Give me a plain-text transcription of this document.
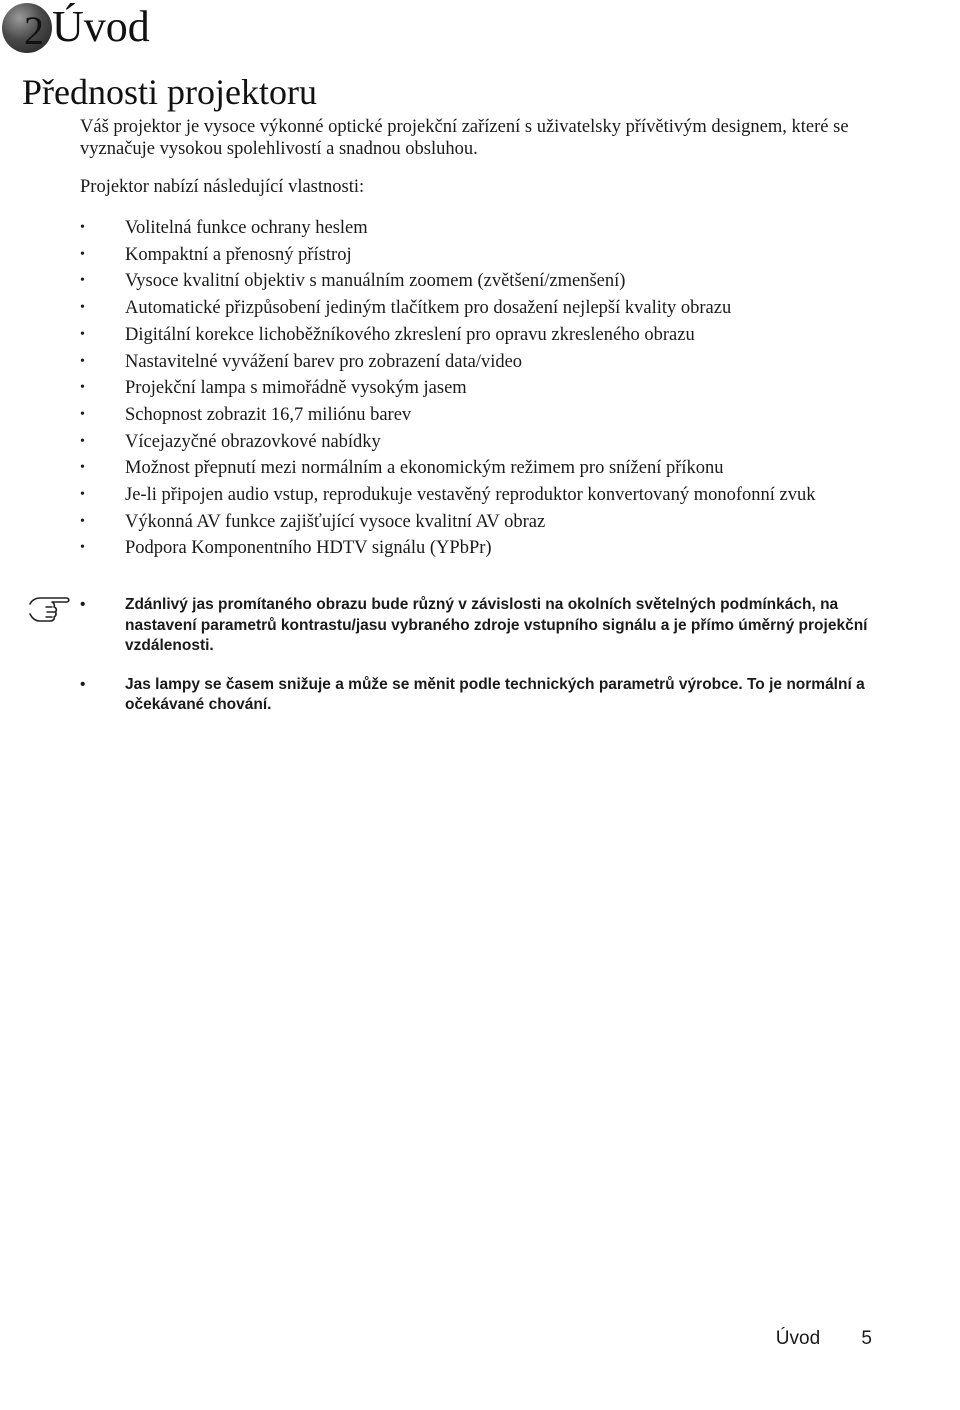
2 Úvod
Přednosti projektoru

Váš projektor je vysoce výkonné optické projekční zařízení s uživatelsky přívětivým designem, které se vyznačuje vysokou spolehlivostí a snadnou obsluhou.

Projektor nabízí následující vlastnosti:

• Volitelná funkce ochrany heslem
• Kompaktní a přenosný přístroj
• Vysoce kvalitní objektiv s manuálním zoomem (zvětšení/zmenšení)
• Automatické přizpůsobení jediným tlačítkem pro dosažení nejlepší kvality obrazu
• Digitální korekce lichoběžníkového zkreslení pro opravu zkresleného obrazu
• Nastavitelné vyvážení barev pro zobrazení data/video
• Projekční lampa s mimořádně vysokým jasem
• Schopnost zobrazit 16,7 miliónu barev
• Vícejazyčné obrazovkové nabídky
• Možnost přepnutí mezi normálním a ekonomickým režimem pro snížení příkonu
• Je-li připojen audio vstup, reprodukuje vestavěný reproduktor konvertovaný monofonní zvuk
• Výkonná AV funkce zajišťující vysoce kvalitní AV obraz
• Podpora Komponentního HDTV signálu (YPbPr)
• Zdánlivý jas promítaného obrazu bude různý v závislosti na okolních světelných podmínkách, na nastavení parametrů kontrastu/jasu vybraného zdroje vstupního signálu a je přímo úměrný projekční vzdálenosti.
• Jas lampy se časem snižuje a může se měnit podle technických parametrů výrobce. To je normální a očekávané chování.
Úvod 5
